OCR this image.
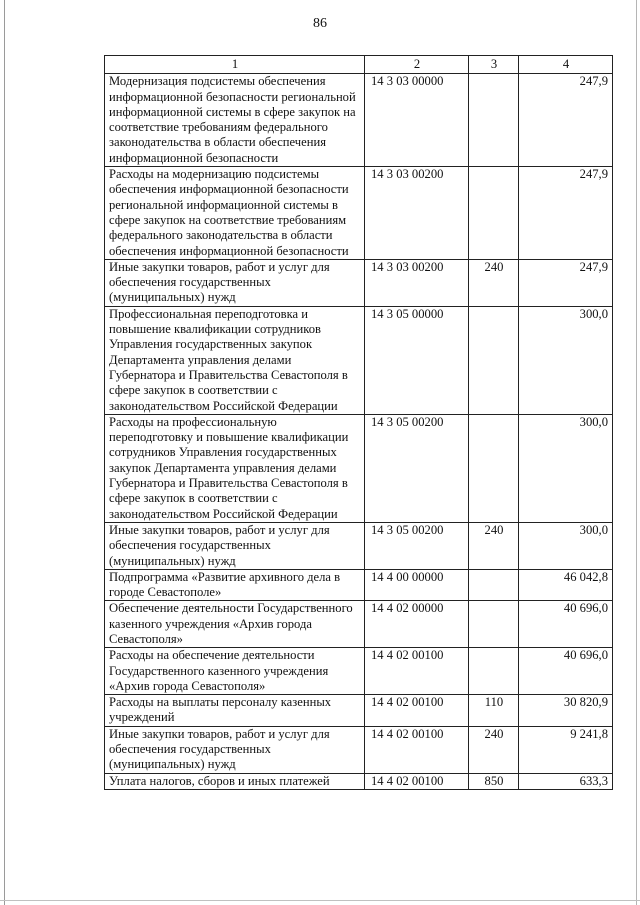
86
1	2	3	4
Модернизация подсистемы обеспечения информационной безопасности региональной информационной системы в сфере закупок на соответствие требованиям федерального законодательства в области обеспечения информационной безопасности	14 3 03 00000		247,9
Расходы на модернизацию подсистемы обеспечения информационной безопасности региональной информационной системы в сфере закупок на соответствие требованиям федерального законодательства в области обеспечения информационной безопасности	14 3 03 00200		247,9
Иные закупки товаров, работ и услуг для обеспечения государственных (муниципальных) нужд	14 3 03 00200	240	247,9
Профессиональная переподготовка и повышение квалификации сотрудников Управления государственных закупок Департамента управления делами Губернатора и Правительства Севастополя в сфере закупок в соответствии с законодательством Российской Федерации	14 3 05 00000		300,0
Расходы на профессиональную переподготовку и повышение квалификации сотрудников Управления государственных закупок Департамента управления делами Губернатора и Правительства Севастополя в сфере закупок в соответствии с законодательством Российской Федерации	14 3 05 00200		300,0
Иные закупки товаров, работ и услуг для обеспечения государственных (муниципальных) нужд	14 3 05 00200	240	300,0
Подпрограмма «Развитие архивного дела в городе Севастополе»	14 4 00 00000		46 042,8
Обеспечение деятельности Государственного казенного учреждения «Архив города Севастополя»	14 4 02 00000		40 696,0
Расходы на обеспечение деятельности Государственного казенного учреждения «Архив города Севастополя»	14 4 02 00100		40 696,0
Расходы на выплаты персоналу казенных учреждений	14 4 02 00100	110	30 820,9
Иные закупки товаров, работ и услуг для обеспечения государственных (муниципальных) нужд	14 4 02 00100	240	9 241,8
Уплата налогов, сборов и иных платежей	14 4 02 00100	850	633,3
